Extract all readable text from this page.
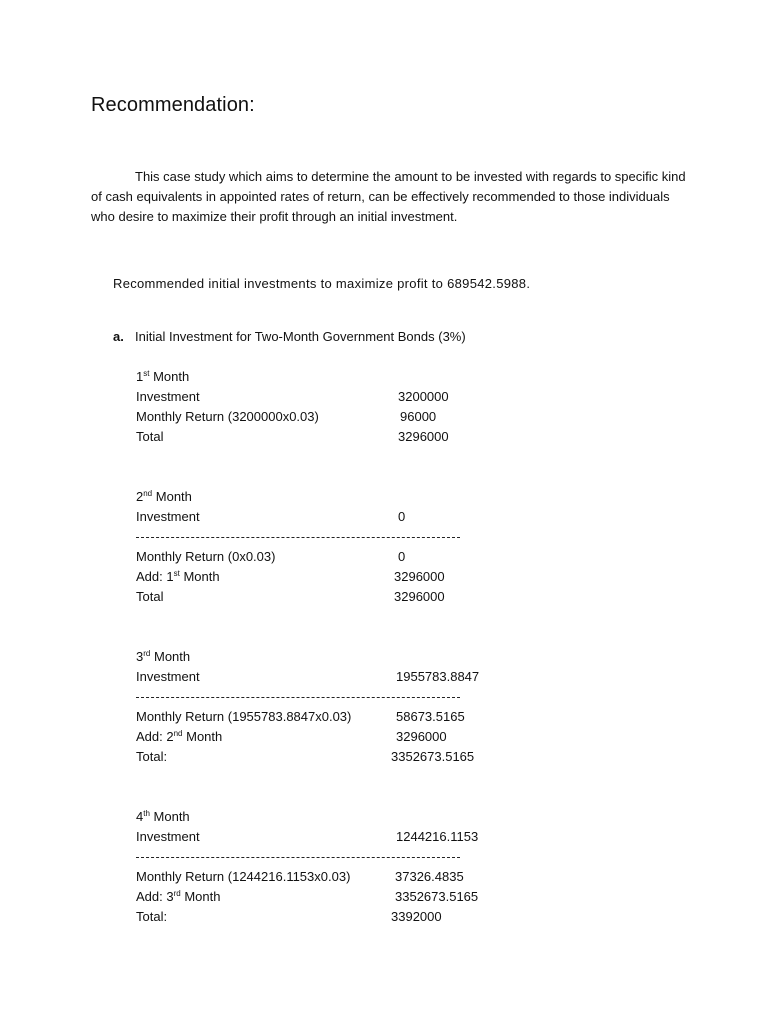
Recommendation:
This case study which aims to determine the amount to be invested with regards to specific kind
of cash equivalents in appointed rates of return, can be effectively recommended to those individuals
who desire to maximize their profit through an initial investment.
Recommended initial investments to maximize profit to 689542.5988.
a. Initial Investment for Two-Month Government Bonds (3%)
1st Month
Investment	3200000
Monthly Return (3200000x0.03)	96000
Total	3296000
2nd Month
Investment	0
Monthly Return (0x0.03)	0
Add: 1st Month	3296000
Total	3296000
3rd Month
Investment	1955783.8847
Monthly Return (1955783.8847x0.03)	58673.5165
Add: 2nd Month	3296000
Total:	3352673.5165
4th Month
Investment	1244216.1153
Monthly Return (1244216.1153x0.03)	37326.4835
Add: 3rd Month	3352673.5165
Total:	3392000
